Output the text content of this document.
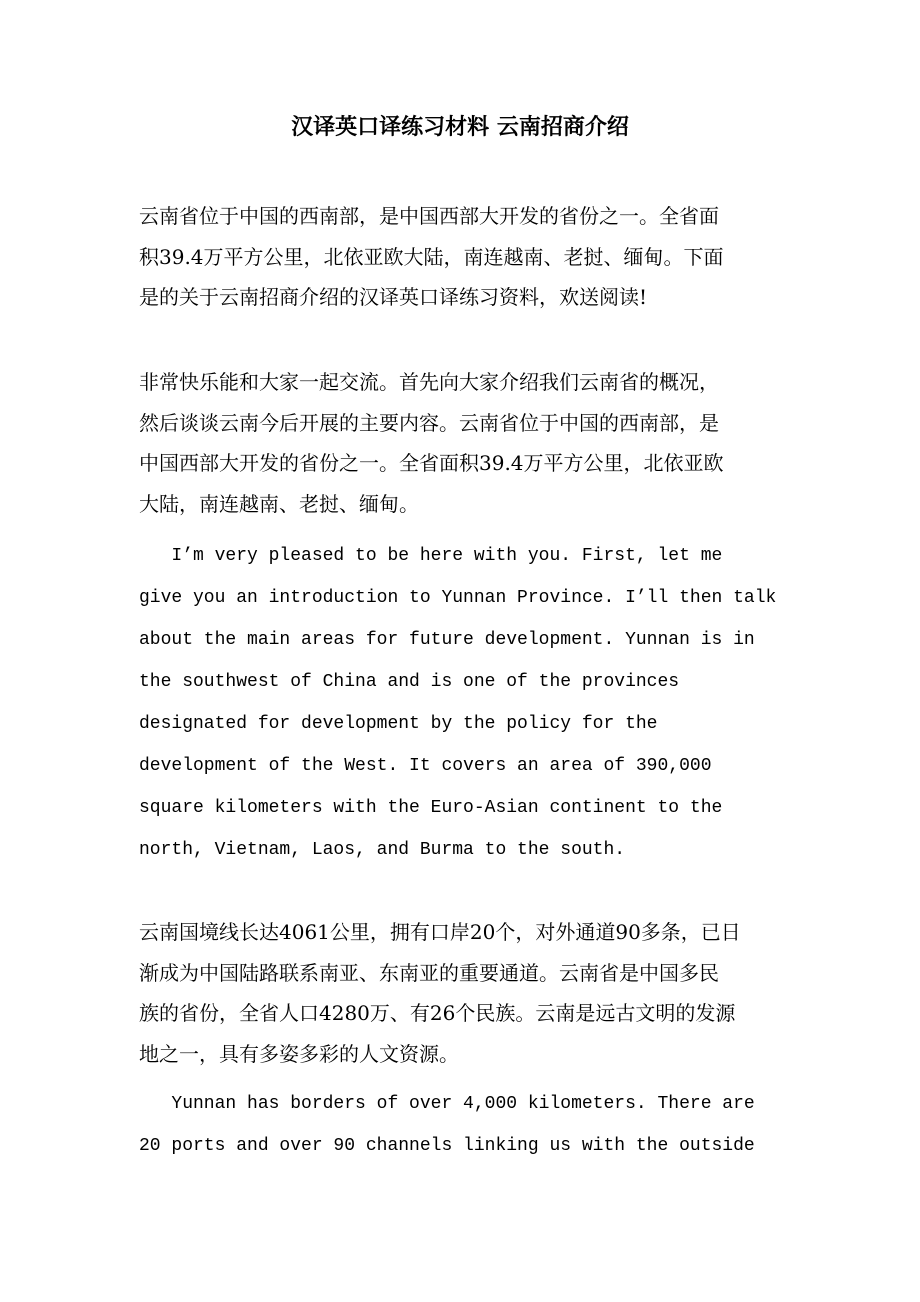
汉译英口译练习材料 云南招商介绍
云南省位于中国的西南部，是中国西部大开发的省份之一。全省面
积39.4万平方公里，北依亚欧大陆，南连越南、老挝、缅甸。下面
是的关于云南招商介绍的汉译英口译练习资料，欢送阅读!
非常快乐能和大家一起交流。首先向大家介绍我们云南省的概况，
然后谈谈云南今后开展的主要内容。云南省位于中国的西南部，是
中国西部大开发的省份之一。全省面积39.4万平方公里，北依亚欧
大陆，南连越南、老挝、缅甸。
I’m very pleased to be here with you. First, let me
give you an introduction to Yunnan Province. I’ll then talk
about the main areas for future development. Yunnan is in
the southwest of China and is one of the provinces
designated for development by the policy for the
development of the West. It covers an area of 390,000
square kilometers with the Euro-Asian continent to the
north, Vietnam, Laos, and Burma to the south.
云南国境线长达4061公里，拥有口岸20个，对外通道90多条，已日
渐成为中国陆路联系南亚、东南亚的重要通道。云南省是中国多民
族的省份，全省人口4280万、有26个民族。云南是远古文明的发源
地之一，具有多姿多彩的人文资源。
Yunnan has borders of over 4,000 kilometers. There are
20 ports and over 90 channels linking us with the outside
